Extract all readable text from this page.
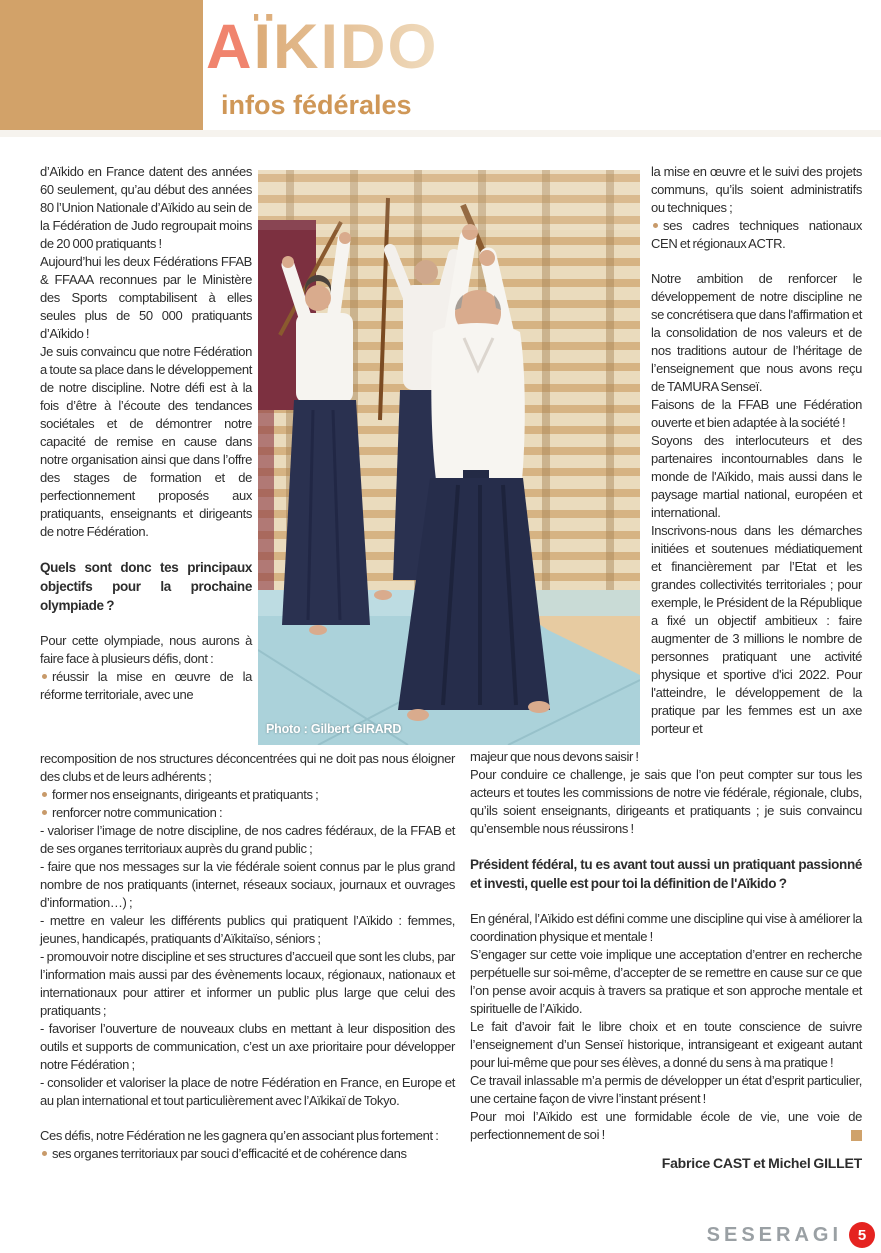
AÏKIDO
infos fédérales

d’Aïkido en France datent des années 60 seulement, qu’au début des années 80 l’Union Nationale d’Aïkido au sein de la Fédération de Judo regroupait moins de 20 000 pratiquants !

Aujourd’hui les deux Fédérations FFAB & FFAAA reconnues par le Ministère des Sports comptabilisent à elles seules plus de 50 000 pratiquants d’Aïkido !

Je suis convaincu que notre Fédération a toute sa place dans le développement de notre discipline. Notre défi est à la fois d’être à l’écoute des tendances sociétales et de démontrer notre capacité de remise en cause dans notre organisation ainsi que dans l’offre des stages de formation et de perfectionnement proposés aux pratiquants, enseignants et dirigeants de notre Fédération.

Quels sont donc tes principaux objectifs pour la prochaine olympiade ?

Pour cette olympiade, nous aurons à faire face à plusieurs défis, dont :

réussir la mise en œuvre de la réforme territoriale, avec une

Photo : Gilbert GIRARD

la mise en œuvre et le suivi des projets communs, qu’ils soient administratifs ou techniques ;

ses cadres techniques nationaux CEN et régionaux ACTR.

Notre ambition de renforcer le développement de notre discipline ne se concrétisera que dans l'affirmation et la consolidation de nos valeurs et de nos traditions autour de l’héritage de l’enseignement que nous avons reçu de TAMURA Senseï.

Faisons de la FFAB une Fédération ouverte et bien adaptée à la société !

Soyons des interlocuteurs et des partenaires incontournables dans le monde de l'Aïkido, mais aussi dans le paysage martial national, européen et international.

Inscrivons-nous dans les démarches initiées et soutenues médiatiquement et financièrement par l’Etat et les grandes collectivités territoriales ; pour exemple, le Président de la République a fixé un objectif ambitieux : faire augmenter de 3 millions le nombre de personnes pratiquant une activité physique et sportive d'ici 2022. Pour l'atteindre, le développement de la pratique par les femmes est un axe porteur et

recomposition de nos structures déconcentrées qui ne doit pas nous éloigner des clubs et de leurs adhérents ;

former nos enseignants, dirigeants et pratiquants ;

renforcer notre communication :

- valoriser l’image de notre discipline, de nos cadres fédéraux, de la FFAB et de ses organes territoriaux auprès du grand public ;

- faire que nos messages sur la vie fédérale soient connus par le plus grand nombre de nos pratiquants (internet, réseaux sociaux, journaux et ouvrages d’information…) ;

- mettre en valeur les différents publics qui pratiquent l’Aïkido : femmes, jeunes, handicapés, pratiquants d’Aïkitaïso, séniors ;

- promouvoir notre discipline et ses structures d’accueil que sont les clubs, par l’information mais aussi par des évènements locaux, régionaux, nationaux et internationaux pour attirer et informer un public plus large que celui des pratiquants ;

- favoriser l’ouverture de nouveaux clubs en mettant à leur disposition des outils et supports de communication, c’est un axe prioritaire pour développer notre Fédération ;

- consolider et valoriser la place de notre Fédération en France, en Europe et au plan international et tout particulièrement avec l’Aïkikaï de Tokyo.

Ces défis, notre Fédération ne les gagnera qu’en associant plus fortement :

ses organes territoriaux par souci d’efficacité et de cohérence dans

majeur que nous devons saisir !

Pour conduire ce challenge, je sais que l’on peut compter sur tous les acteurs et toutes les commissions de notre vie fédérale, régionale, clubs, qu’ils soient enseignants, dirigeants et pratiquants ; je suis convaincu qu’ensemble nous réussirons !

Président fédéral, tu es avant tout aussi un pratiquant passionné et investi, quelle est pour toi la définition de l'Aïkido ?

En général, l’Aïkido est défini comme une discipline qui vise à améliorer la coordination physique et mentale !

S’engager sur cette voie implique une acceptation d’entrer en recherche perpétuelle sur soi-même, d’accepter de se remettre en cause sur ce que l’on pense avoir acquis à travers sa pratique et son approche mentale et spirituelle de l’Aïkido.

Le fait d’avoir fait le libre choix et en toute conscience de suivre l’enseignement d’un Senseï historique, intransigeant et exigeant autant pour lui-même que pour ses élèves, a donné du sens à ma pratique !

Ce travail inlassable m’a permis de développer un état d’esprit particulier, une certaine façon de vivre l’instant présent !

Pour moi l’Aïkido est une formidable école de vie, une voie de perfectionnement de soi !

Fabrice CAST et Michel GILLET

SESERAGI	5
